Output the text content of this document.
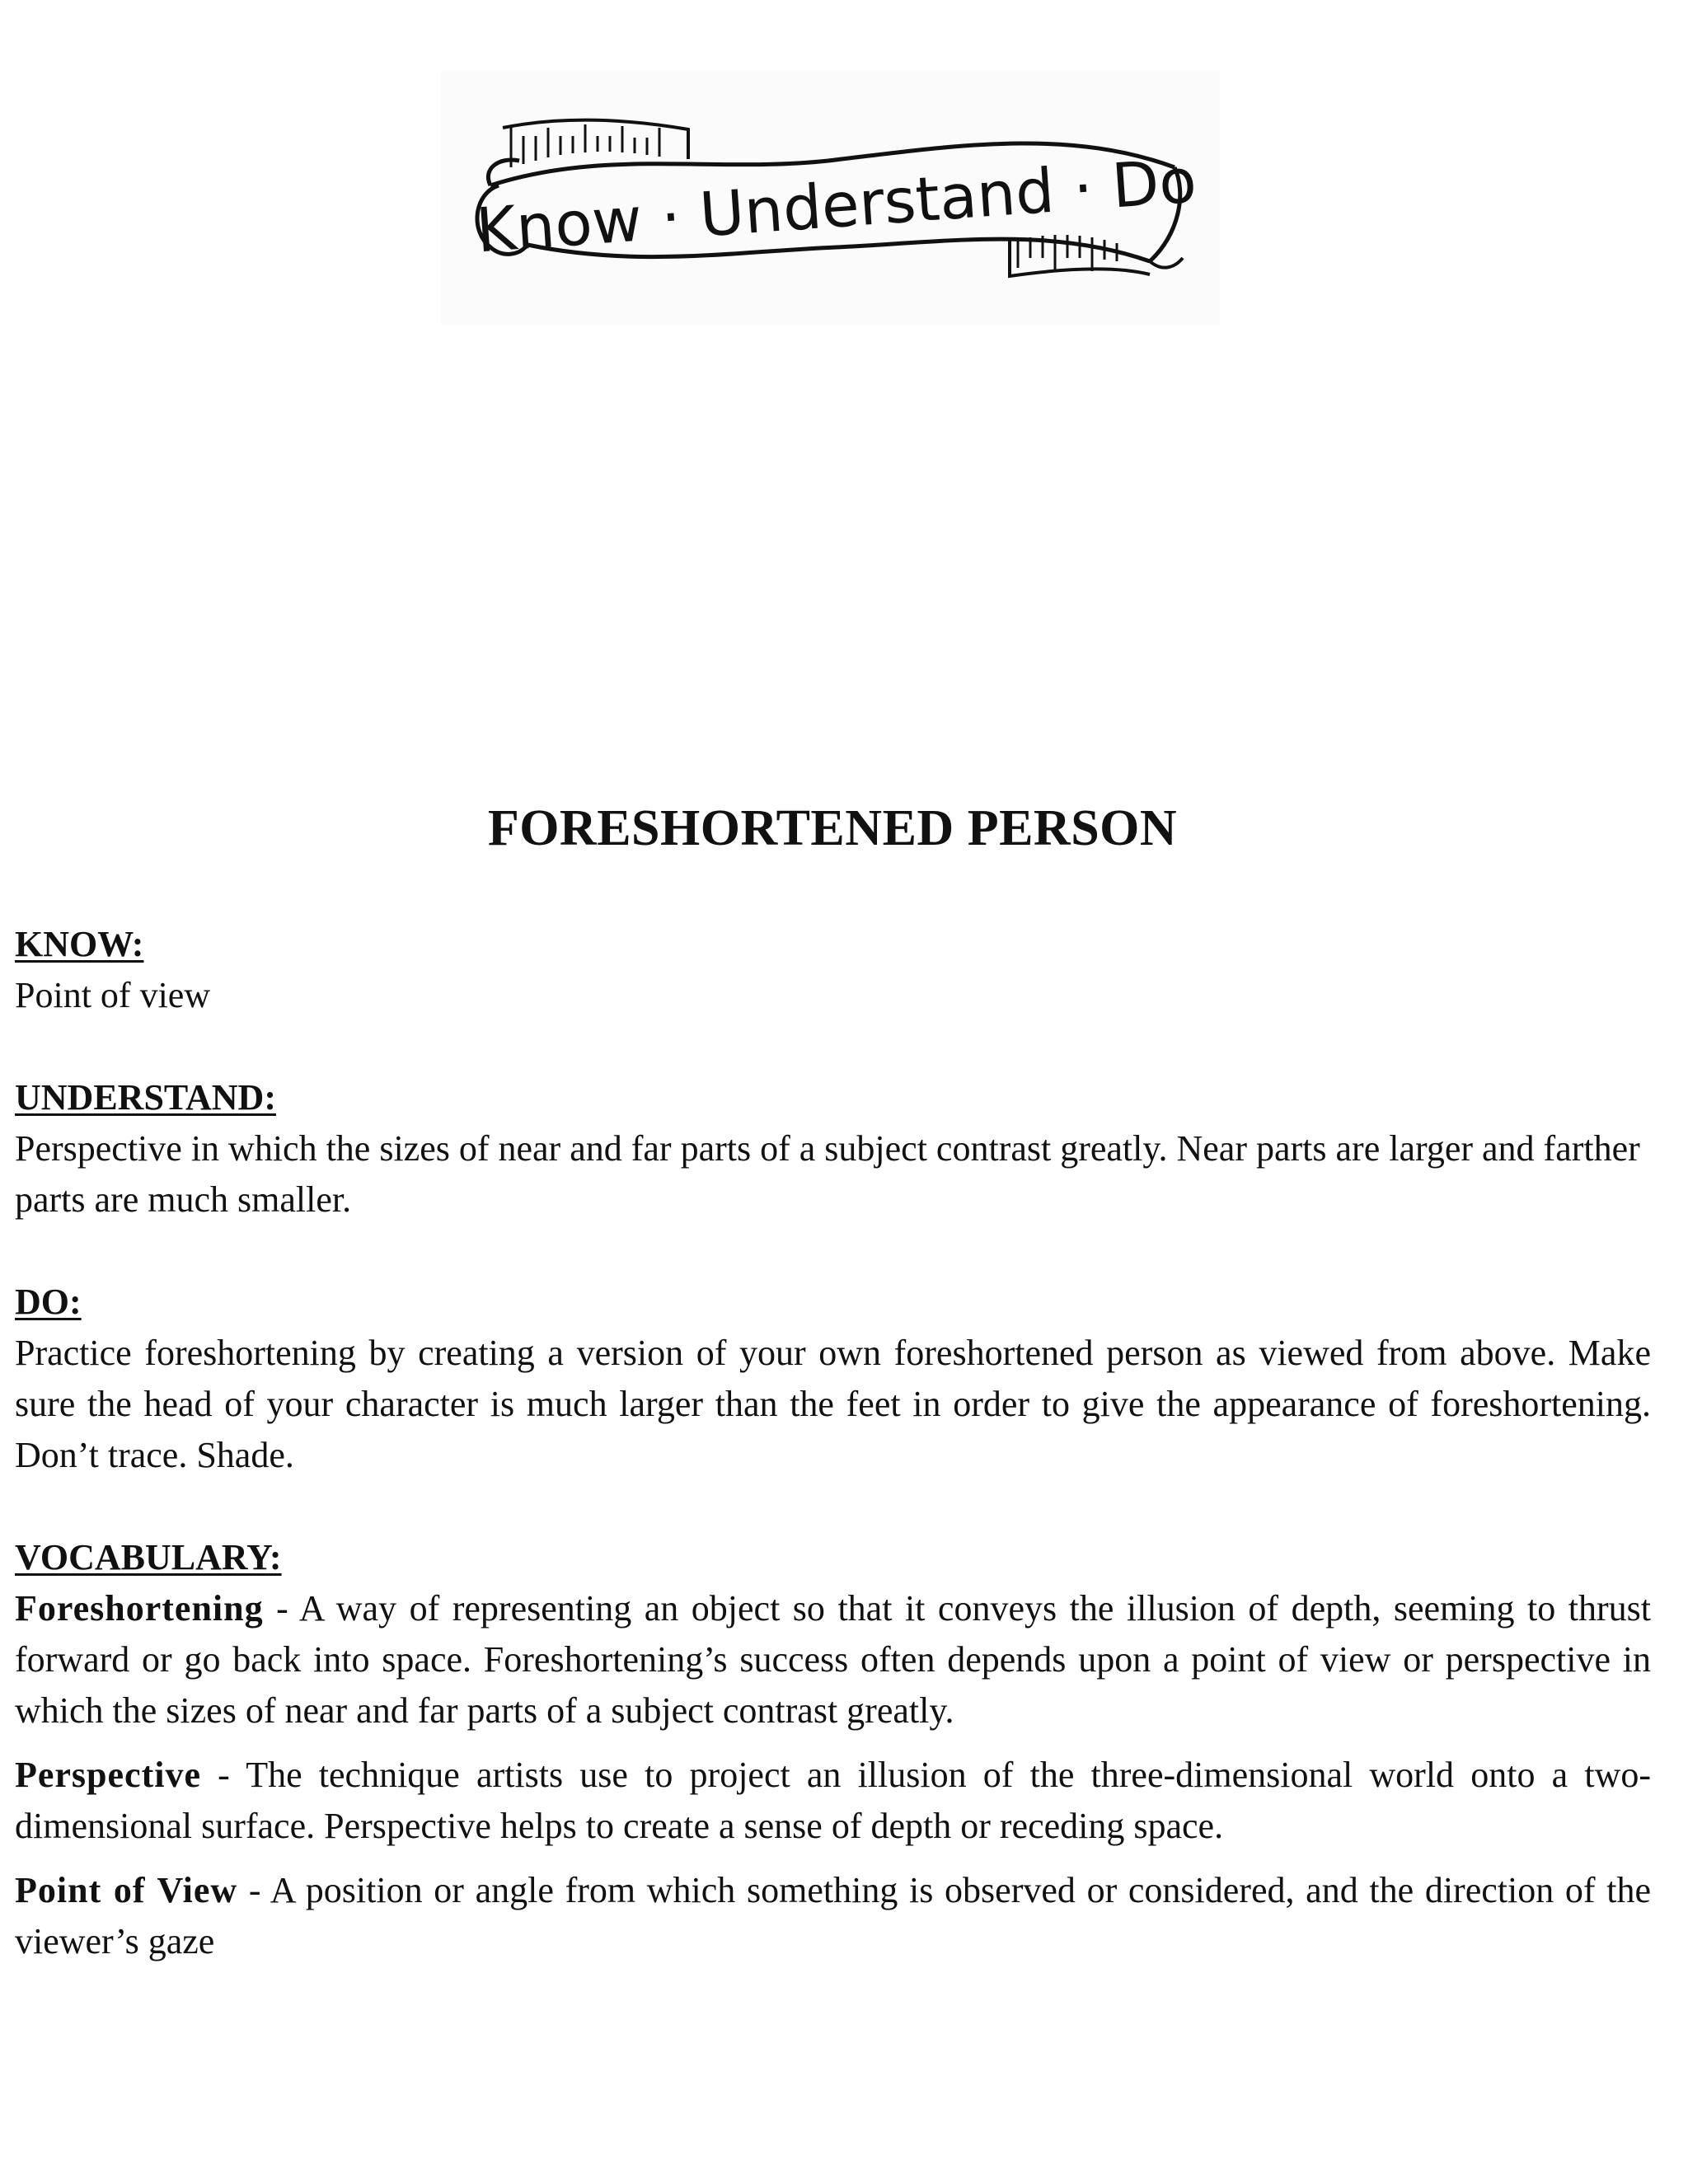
Know · Understand · Do
FORESHORTENED PERSON
KNOW:
Point of view
UNDERSTAND:
Perspective in which the sizes of near and far parts of a subject contrast greatly. Near parts are larger and farther parts are much smaller.
DO:
Practice foreshortening by creating a version of your own foreshortened person as viewed from above. Make sure the head of your character is much larger than the feet in order to give the appearance of foreshortening. Don’t trace. Shade.
VOCABULARY:
Foreshortening - A way of representing an object so that it conveys the illusion of depth, seeming to thrust forward or go back into space. Foreshortening’s success often depends upon a point of view or perspective in which the sizes of near and far parts of a subject contrast greatly.
Perspective - The technique artists use to project an illusion of the three-dimensional world onto a two-dimensional surface. Perspective helps to create a sense of depth or receding space.
Point of View - A position or angle from which something is observed or considered, and the direction of the viewer’s gaze
